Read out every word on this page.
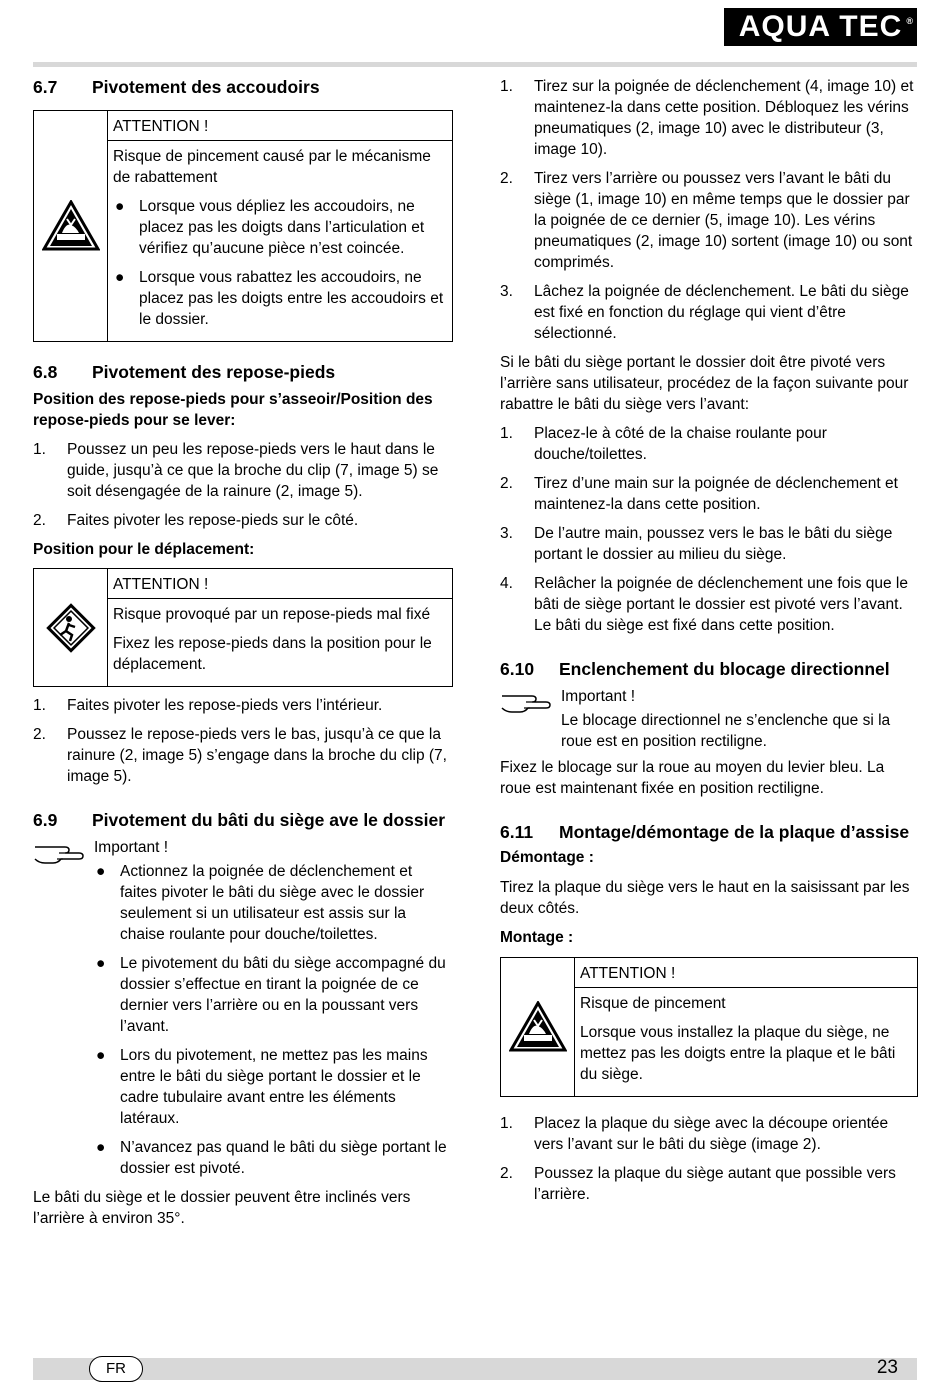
AQUA TEC ®
6.7	Pivotement des accoudoirs
ATTENTION !

Risque de pincement causé par le mécanisme de rabattement

● Lorsque vous dépliez les accoudoirs, ne placez pas les doigts dans l’articulation et vérifiez qu’aucune pièce n’est coincée.
● Lorsque vous rabattez les accoudoirs, ne placez pas les doigts entre les accoudoirs et le dossier.
6.8	Pivotement des repose-pieds

Position des repose-pieds pour s’asseoir/Position des repose-pieds pour se lever:

1.	Poussez un peu les repose-pieds vers le haut dans le guide, jusqu’à ce que la broche du clip (7, image 5) se soit désengagée de la rainure (2, image 5).
2.	Faites pivoter les repose-pieds sur le côté.

Position pour le déplacement:

ATTENTION !

Risque provoqué par un repose-pieds mal fixé

Fixez les repose-pieds dans la position pour le déplacement.

1.	Faites pivoter les repose-pieds vers l’intérieur.
2.	Poussez le repose-pieds vers le bas, jusqu’à ce que la rainure (2, image 5) s’engage dans la broche du clip (7, image 5).
6.9	Pivotement du bâti du siège ave le dossier

Important !

● Actionnez la poignée de déclenchement et faites pivoter le bâti du siège avec le dossier seulement si un utilisateur est assis sur la chaise roulante pour douche/toilettes.
● Le pivotement du bâti du siège accompagné du dossier s’effectue en tirant la poignée de ce dernier vers l’arrière ou en la poussant vers l’avant.
● Lors du pivotement, ne mettez pas les mains entre le bâti du siège portant le dossier et le cadre tubulaire avant entre les éléments latéraux.
● N’avancez pas quand le bâti du siège portant le dossier est pivoté.

Le bâti du siège et le dossier peuvent être inclinés vers l’arrière à environ 35°.

1.	Tirez sur la poignée de déclenchement (4, image 10) et maintenez-la dans cette position. Débloquez les vérins pneumatiques (2, image 10) avec le distributeur (3, image 10).
2.	Tirez vers l’arrière ou poussez vers l’avant le bâti du siège (1, image 10) en même temps que le dossier par la poignée de ce dernier (5, image 10). Les vérins pneumatiques (2, image 10) sortent (image 10) ou sont comprimés.
3.	Lâchez la poignée de déclenchement. Le bâti du siège est fixé en fonction du réglage qui vient d’être sélectionné.

Si le bâti du siège portant le dossier doit être pivoté vers l’arrière sans utilisateur, procédez de la façon suivante pour rabattre le bâti du siège vers l’avant:

1.	Placez-le à côté de la chaise roulante pour douche/toilettes.
2.	Tirez d’une main sur la poignée de déclenchement et maintenez-la dans cette position.
3.	De l’autre main, poussez vers le bas le bâti du siège portant le dossier au milieu du siège.
4.	Relâcher la poignée de déclenchement une fois que le bâti de siège portant le dossier est pivoté vers l’avant. Le bâti du siège est fixé dans cette position.
6.10	Enclenchement du blocage directionnel

Important !

Le blocage directionnel ne s’enclenche que si la roue est en position rectiligne.

Fixez le blocage sur la roue au moyen du levier bleu. La roue est maintenant fixée en position rectiligne.

6.11	Montage/démontage de la plaque d’assise

Démontage :

Tirez la plaque du siège vers le haut en la saisissant par les deux côtés.

Montage :

ATTENTION !

Risque de pincement

Lorsque vous installez la plaque du siège, ne mettez pas les doigts entre la plaque et le bâti du siège.

1.	Placez la plaque du siège avec la découpe orientée vers l’avant sur le bâti du siège (image 2).
2.	Poussez la plaque du siège autant que possible vers l’arrière.
FR	23
